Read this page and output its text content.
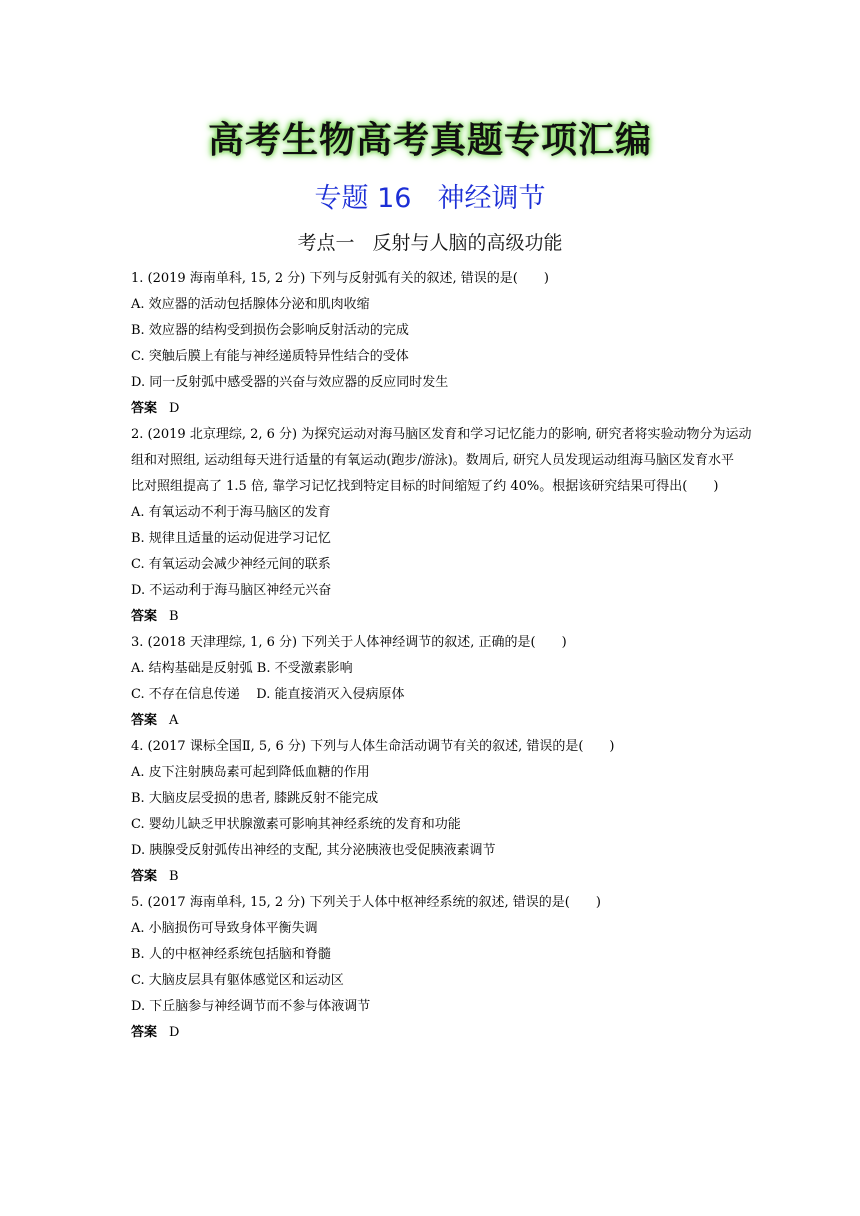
高考生物高考真题专项汇编
专题 16 神经调节
考点一 反射与人脑的高级功能
1. (2019 海南单科, 15, 2 分) 下列与反射弧有关的叙述, 错误的是( )
A. 效应器的活动包括腺体分泌和肌肉收缩
B. 效应器的结构受到损伤会影响反射活动的完成
C. 突触后膜上有能与神经递质特异性结合的受体
D. 同一反射弧中感受器的兴奋与效应器的反应同时发生
答案 D
2. (2019 北京理综, 2, 6 分) 为探究运动对海马脑区发育和学习记忆能力的影响, 研究者将实验动物分为运动
组和对照组, 运动组每天进行适量的有氧运动(跑步/游泳)。数周后, 研究人员发现运动组海马脑区发育水平
比对照组提高了 1.5 倍, 靠学习记忆找到特定目标的时间缩短了约 40%。根据该研究结果可得出( )
A. 有氧运动不利于海马脑区的发育
B. 规律且适量的运动促进学习记忆
C. 有氧运动会减少神经元间的联系
D. 不运动利于海马脑区神经元兴奋
答案 B
3. (2018 天津理综, 1, 6 分) 下列关于人体神经调节的叙述, 正确的是( )
A. 结构基础是反射弧 B. 不受激素影响
C. 不存在信息传递    D. 能直接消灭入侵病原体
答案 A
4. (2017 课标全国Ⅱ, 5, 6 分) 下列与人体生命活动调节有关的叙述, 错误的是( )
A. 皮下注射胰岛素可起到降低血糖的作用
B. 大脑皮层受损的患者, 膝跳反射不能完成
C. 婴幼儿缺乏甲状腺激素可影响其神经系统的发育和功能
D. 胰腺受反射弧传出神经的支配, 其分泌胰液也受促胰液素调节
答案 B
5. (2017 海南单科, 15, 2 分) 下列关于人体中枢神经系统的叙述, 错误的是( )
A. 小脑损伤可导致身体平衡失调
B. 人的中枢神经系统包括脑和脊髓
C. 大脑皮层具有躯体感觉区和运动区
D. 下丘脑参与神经调节而不参与体液调节
答案 D
